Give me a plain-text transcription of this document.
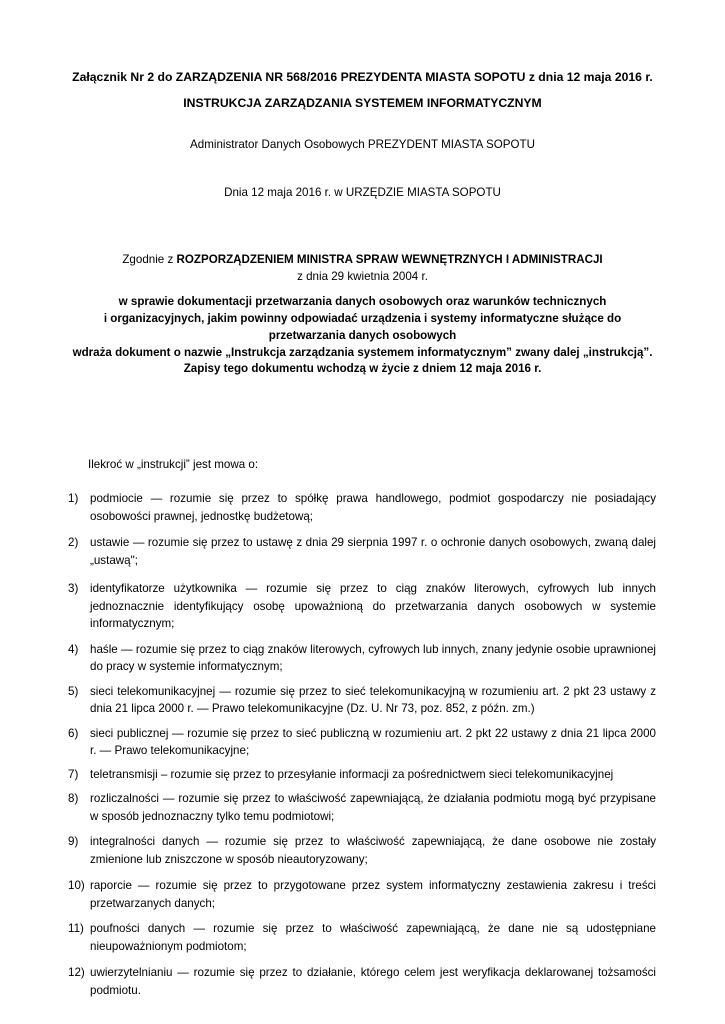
Załącznik Nr 2 do ZARZĄDZENIA NR 568/2016 PREZYDENTA MIASTA SOPOTU z dnia 12 maja 2016 r.
INSTRUKCJA ZARZĄDZANIA SYSTEMEM INFORMATYCZNYM
Administrator Danych Osobowych PREZYDENT MIASTA SOPOTU
Dnia 12 maja 2016 r. w URZĘDZIE MIASTA SOPOTU
Zgodnie z ROZPORZĄDZENIEM MINISTRA SPRAW WEWNĘTRZNYCH I ADMINISTRACJI
z dnia 29 kwietnia 2004 r.
w sprawie dokumentacji przetwarzania danych osobowych oraz warunków technicznych
i organizacyjnych, jakim powinny odpowiadać urządzenia i systemy informatyczne służące do
przetwarzania danych osobowych
wdraża dokument o nazwie „Instrukcja zarządzania systemem informatycznym” zwany dalej „instrukcją”.
Zapisy tego dokumentu wchodzą w życie z dniem 12 maja 2016 r.
Ilekroć w „instrukcji” jest mowa o:
1) podmiocie — rozumie się przez to spółkę prawa handlowego, podmiot gospodarczy nie posiadający osobowości prawnej, jednostkę budżetową;
2) ustawie — rozumie się przez to ustawę z dnia 29 sierpnia 1997 r. o ochronie danych osobowych, zwaną dalej „ustawą";
3) identyfikatorze użytkownika — rozumie się przez to ciąg znaków literowych, cyfrowych lub innych jednoznacznie identyfikujący osobę upoważnioną do przetwarzania danych osobowych w systemie informatycznym;
4) haśle — rozumie się przez to ciąg znaków literowych, cyfrowych lub innych, znany jedynie osobie uprawnionej do pracy w systemie informatycznym;
5) sieci telekomunikacyjnej — rozumie się przez to sieć telekomunikacyjną w rozumieniu art. 2 pkt 23 ustawy z dnia 21 lipca 2000 r. — Prawo telekomunikacyjne (Dz. U. Nr 73, poz. 852, z późn. zm.)
6) sieci publicznej — rozumie się przez to sieć publiczną w rozumieniu art. 2 pkt 22 ustawy z dnia 21 lipca 2000 r. — Prawo telekomunikacyjne;
7) teletransmisji – rozumie się przez to przesyłanie informacji za pośrednictwem sieci telekomunikacyjnej
8) rozliczalności — rozumie się przez to właściwość zapewniającą, że działania podmiotu mogą być przypisane w sposób jednoznaczny tylko temu podmiotowi;
9) integralności danych — rozumie się przez to właściwość zapewniającą, że dane osobowe nie zostały zmienione lub zniszczone w sposób nieautoryzowany;
10) raporcie — rozumie się przez to przygotowane przez system informatyczny zestawienia zakresu i treści przetwarzanych danych;
11) poufności danych — rozumie się przez to właściwość zapewniającą, że dane nie są udostępniane nieupoważnionym podmiotom;
12) uwierzytelnianiu — rozumie się przez to działanie, którego celem jest weryfikacja deklarowanej tożsamości podmiotu.
